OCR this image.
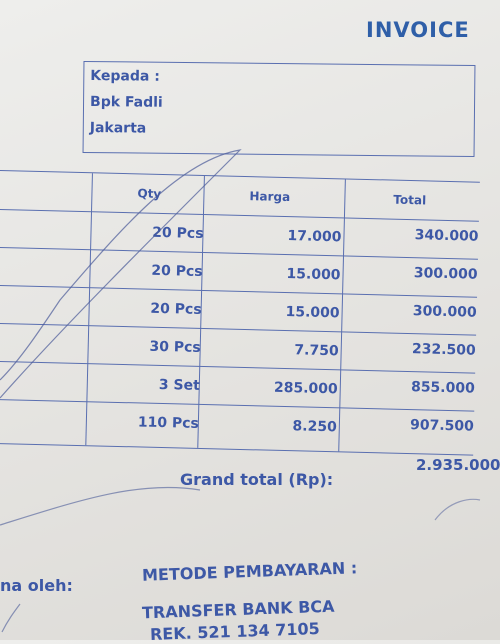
INVOICE
Kepada :
Bpk Fadli
Jakarta
Qty	Harga	Total
20 Pcs	17.000	340.000
20 Pcs	15.000	300.000
20 Pcs	15.000	300.000
30 Pcs	7.750	232.500
3 Set	285.000	855.000
110 Pcs	8.250	907.500
Grand total (Rp):
2.935.000
na oleh:
METODE PEMBAYARAN :
TRANSFER BANK BCA
REK. 521 134 7105
